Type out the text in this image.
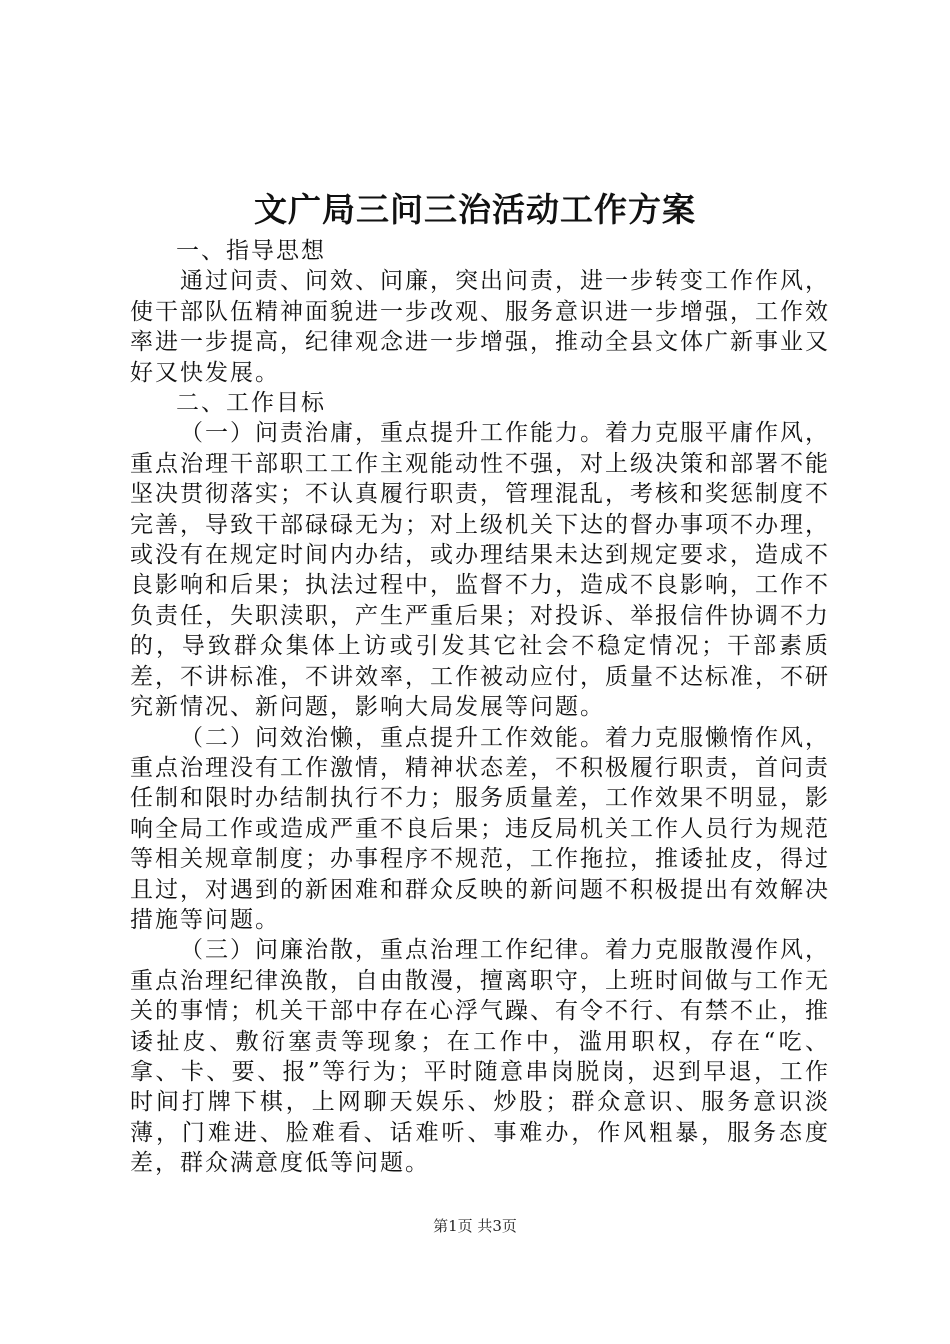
文广局三问三治活动工作方案

一、指导思想

通过问责、问效、问廉，突出问责，进一步转变工作作风，使干部队伍精神面貌进一步改观、服务意识进一步增强，工作效率进一步提高，纪律观念进一步增强，推动全县文体广新事业又好又快发展。

二、工作目标

（一）问责治庸，重点提升工作能力。着力克服平庸作风，重点治理干部职工工作主观能动性不强，对上级决策和部署不能坚决贯彻落实；不认真履行职责，管理混乱，考核和奖惩制度不完善，导致干部碌碌无为；对上级机关下达的督办事项不办理，或没有在规定时间内办结，或办理结果未达到规定要求，造成不良影响和后果；执法过程中，监督不力，造成不良影响，工作不负责任，失职渎职，产生严重后果；对投诉、举报信件协调不力的，导致群众集体上访或引发其它社会不稳定情况；干部素质差，不讲标准，不讲效率，工作被动应付，质量不达标准，不研究新情况、新问题，影响大局发展等问题。

（二）问效治懒，重点提升工作效能。着力克服懒惰作风，重点治理没有工作激情，精神状态差，不积极履行职责，首问责任制和限时办结制执行不力；服务质量差，工作效果不明显，影响全局工作或造成严重不良后果；违反局机关工作人员行为规范等相关规章制度；办事程序不规范，工作拖拉，推诿扯皮，得过且过，对遇到的新困难和群众反映的新问题不积极提出有效解决措施等问题。

（三）问廉治散，重点治理工作纪律。着力克服散漫作风，重点治理纪律涣散，自由散漫，擅离职守，上班时间做与工作无关的事情；机关干部中存在心浮气躁、有令不行、有禁不止，推诿扯皮、敷衍塞责等现象；在工作中，滥用职权，存在“吃、拿、卡、要、报”等行为；平时随意串岗脱岗，迟到早退，工作时间打牌下棋，上网聊天娱乐、炒股；群众意识、服务意识淡薄，门难进、脸难看、话难听、事难办，作风粗暴，服务态度差，群众满意度低等问题。

第1页 共3页
